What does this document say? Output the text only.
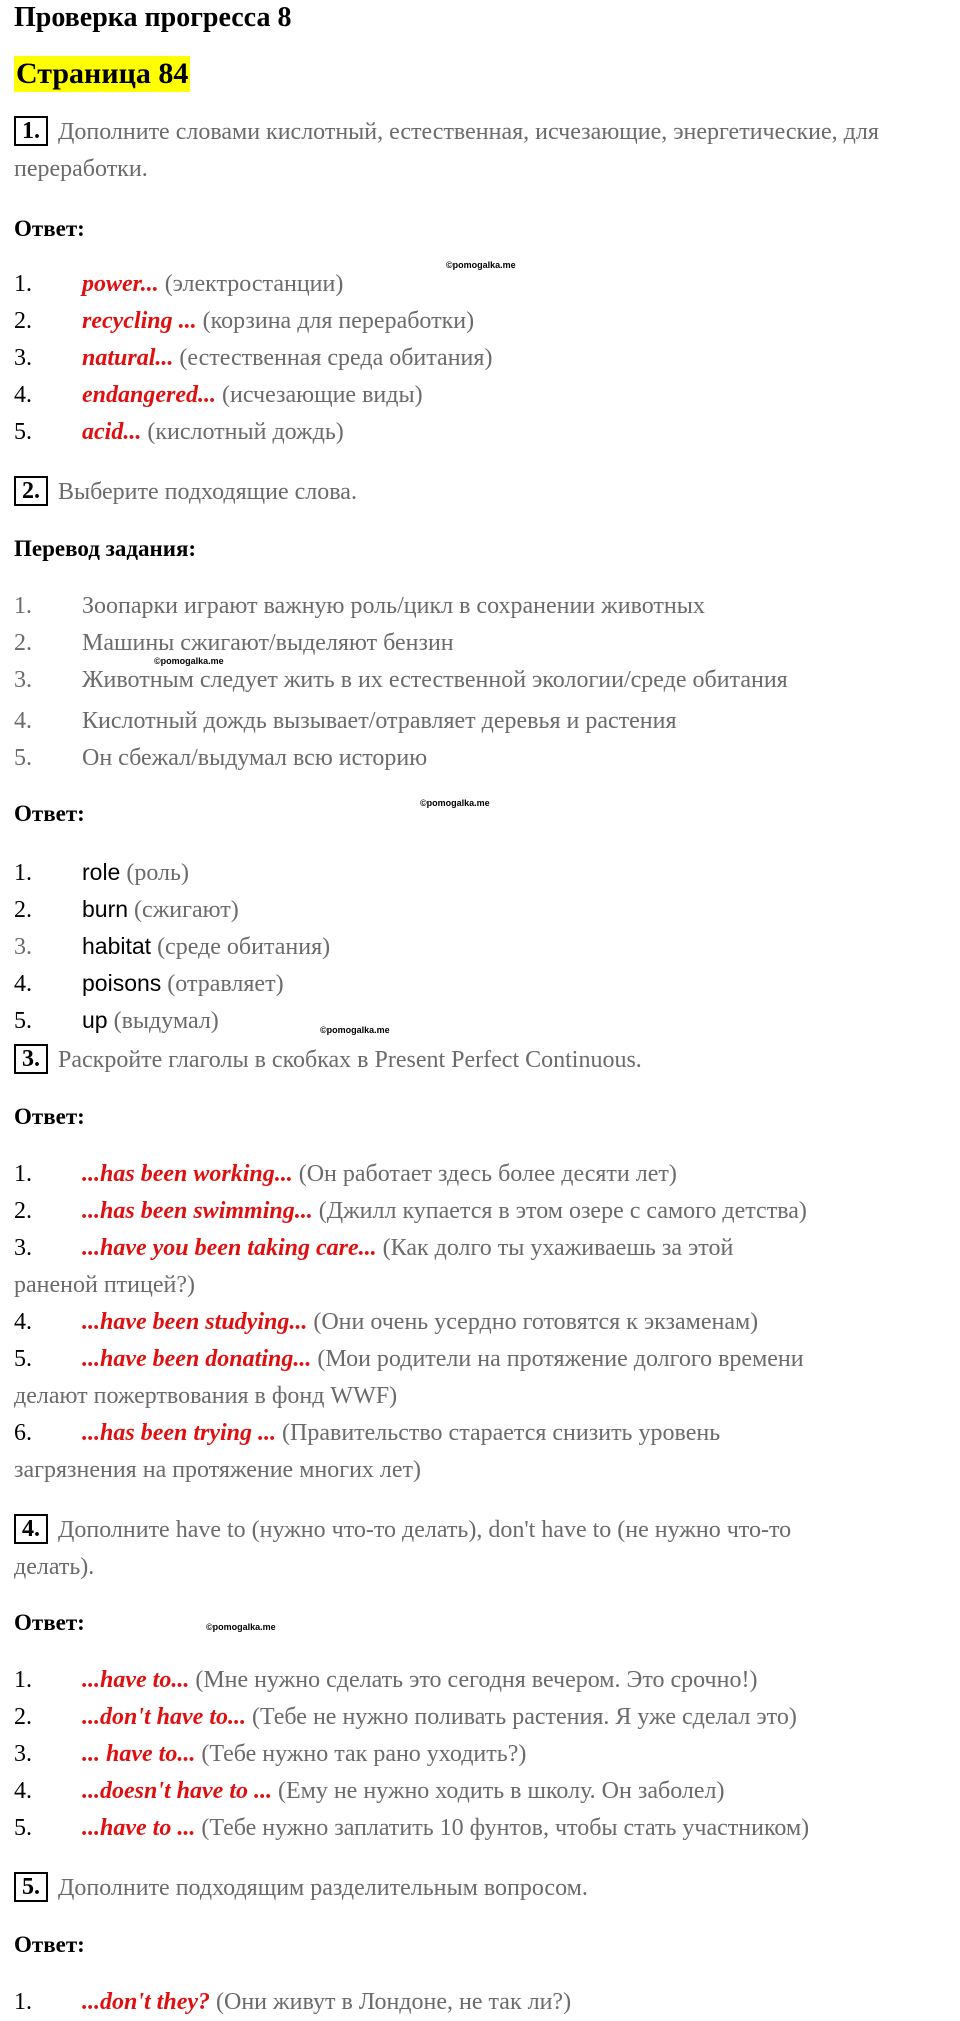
Проверка прогресса 8
Страница 84
1. Дополните словами кислотный, естественная, исчезающие, энергетические, для переработки.
Ответ:
©pomogalka.me
1. power... (электростанции)
2. recycling ... (корзина для переработки)
3. natural... (естественная среда обитания)
4. endangered... (исчезающие виды)
5. acid... (кислотный дождь)
2. Выберите подходящие слова.
Перевод задания:
1. Зоопарки играют важную роль/цикл в сохранении животных
2. Машины сжигают/выделяют бензин
3. Животным следует жить в их естественной экологии/среде обитания
4. Кислотный дождь вызывает/отравляет деревья и растения
5. Он сбежал/выдумал всю историю
©pomogalka.me
Ответ:	©pomogalka.me
1. role (роль)
2. burn (сжигают)
3. habitat (среде обитания)
4. poisons (отравляет)
5. up (выдумал)	©pomogalka.me
3. Раскройте глаголы в скобках в Present Perfect Continuous.
Ответ:
1. ...has been working... (Он работает здесь более десяти лет)
2. ...has been swimming... (Джилл купается в этом озере с самого детства)
3. ...have you been taking care... (Как долго ты ухаживаешь за этой
раненой птицей?)
4. ...have been studying... (Они очень усердно готовятся к экзаменам)
5. ...have been donating... (Мои родители на протяжение долгого времени
делают пожертвования в фонд WWF)
6. ...has been trying ... (Правительство старается снизить уровень
загрязнения на протяжение многих лет)
4. Дополните have to (нужно что-то делать), don't have to (не нужно что-то
делать).
Ответ:	©pomogalka.me
1. ...have to... (Мне нужно сделать это сегодня вечером. Это срочно!)
2. ...don't have to... (Тебе не нужно поливать растения. Я уже сделал это)
3. ... have to... (Тебе нужно так рано уходить?)
4. ...doesn't have to ... (Ему не нужно ходить в школу. Он заболел)
5. ...have to ... (Тебе нужно заплатить 10 фунтов, чтобы стать участником)
5. Дополните подходящим разделительным вопросом.
Ответ:
1. ...don't they? (Они живут в Лондоне, не так ли?)
